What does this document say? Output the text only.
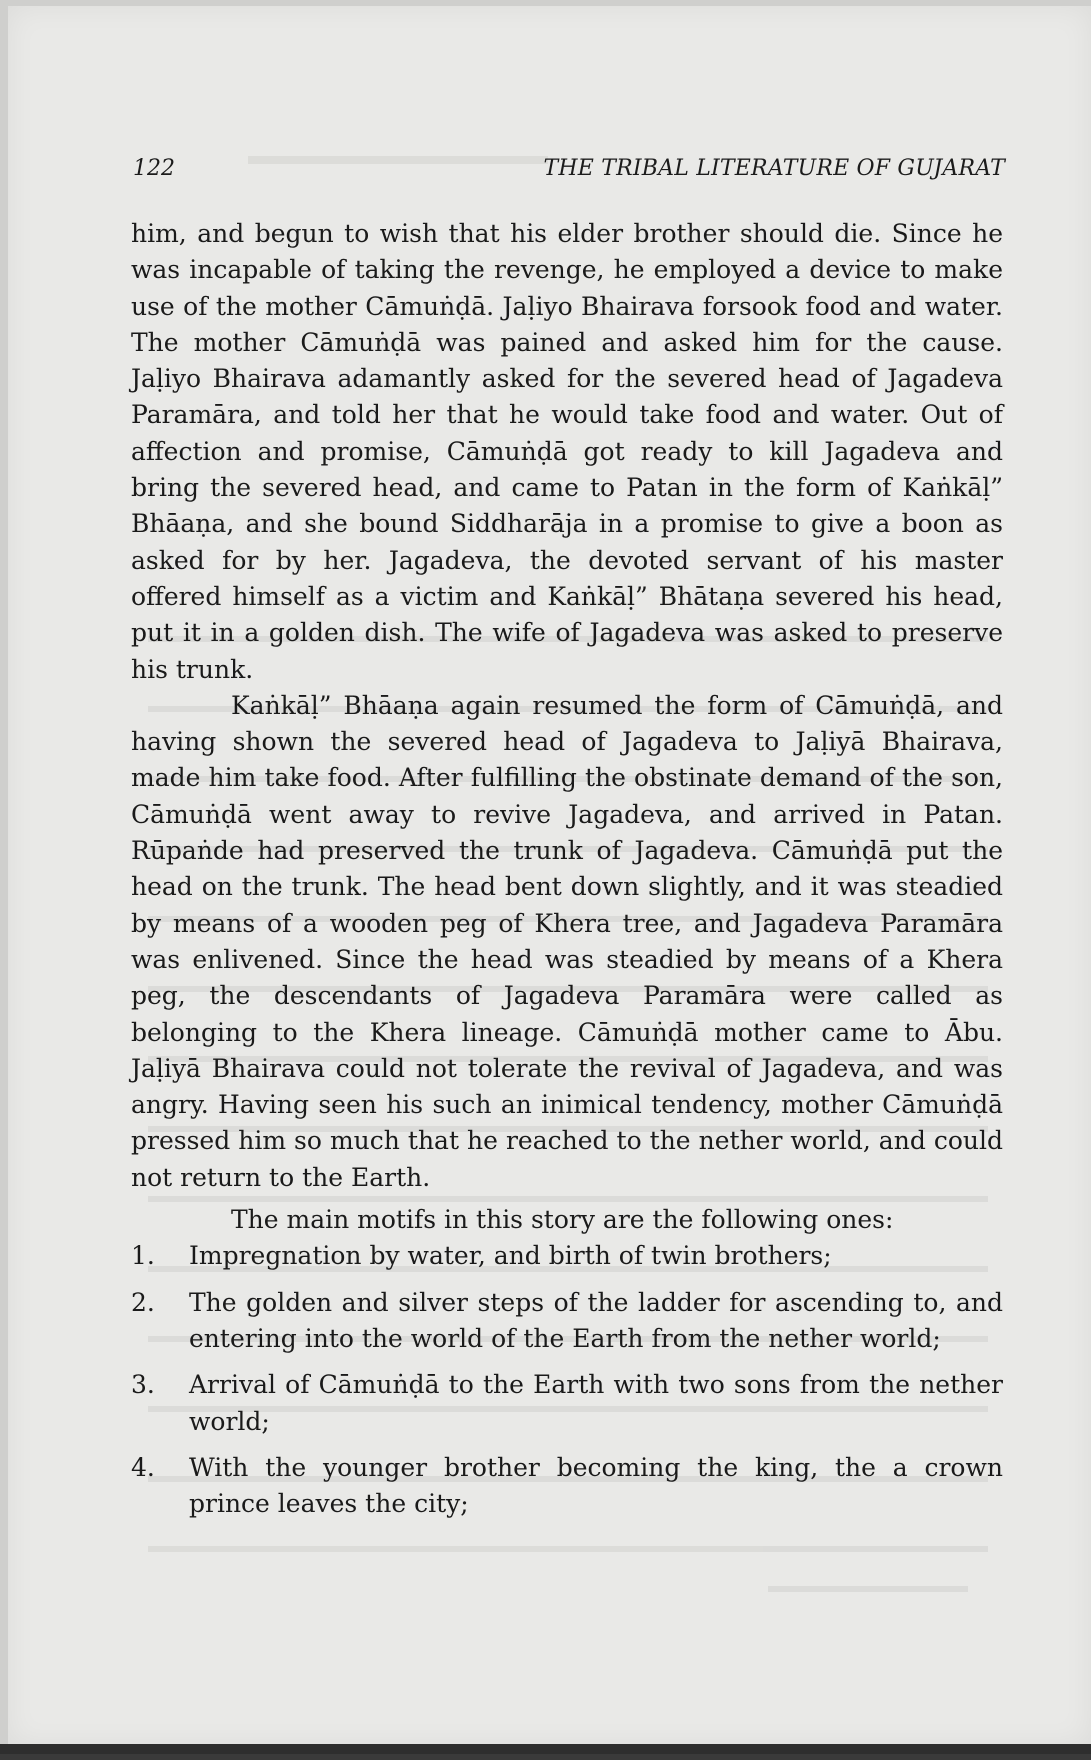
122	THE TRIBAL LITERATURE OF GUJARAT

him, and begun to wish that his elder brother should die. Since he was incapable of taking the revenge, he employed a device to make use of the mother Cāmuṅḍā. Jaḷiyo Bhairava forsook food and water. The mother Cāmuṅḍā was pained and asked him for the cause. Jaḷiyo Bhairava adamantly asked for the severed head of Jagadeva Paramāra, and told her that he would take food and water. Out of affection and promise, Cāmuṅḍā got ready to kill Jagadeva and bring the severed head, and came to Patan in the form of Kaṅkāḷ” Bhāaṇa, and she bound Siddharāja in a promise to give a boon as asked for by her. Jagadeva, the devoted servant of his master offered himself as a victim and Kaṅkāḷ” Bhātaṇa severed his head, put it in a golden dish. The wife of Jagadeva was asked to preserve his trunk.

Kaṅkāḷ” Bhāaṇa again resumed the form of Cāmuṅḍā, and having shown the severed head of Jagadeva to Jaḷiyā Bhairava, made him take food. After fulfilling the obstinate demand of the son, Cāmuṅḍā went away to revive Jagadeva, and arrived in Patan. Rūpaṅde had preserved the trunk of Jagadeva. Cāmuṅḍā put the head on the trunk. The head bent down slightly, and it was steadied by means of a wooden peg of Khera tree, and Jagadeva Paramāra was enlivened. Since the head was steadied by means of a Khera peg, the descendants of Jagadeva Paramāra were called as belonging to the Khera lineage. Cāmuṅḍā mother came to Ābu. Jaḷiyā Bhairava could not tolerate the revival of Jagadeva, and was angry. Having seen his such an inimical tendency, mother Cāmuṅḍā pressed him so much that he reached to the nether world, and could not return to the Earth.

The main motifs in this story are the following ones:

1. Impregnation by water, and birth of twin brothers;
2. The golden and silver steps of the ladder for ascending to, and entering into the world of the Earth from the nether world;
3. Arrival of Cāmuṅḍā to the Earth with two sons from the nether world;
4. With the younger brother becoming the king, the a crown prince leaves the city;
